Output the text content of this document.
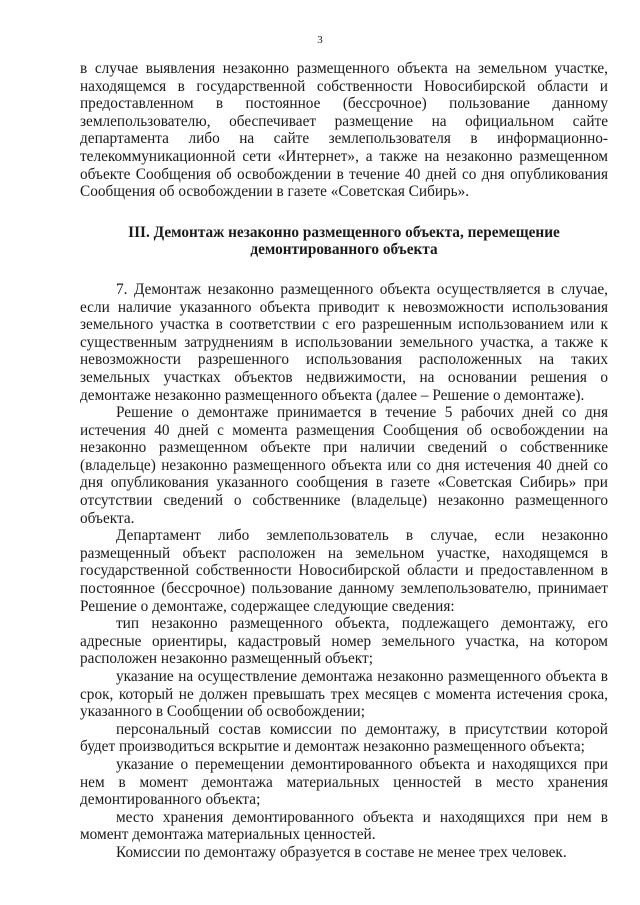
3

в случае выявления незаконно размещенного объекта на земельном участке, находящемся в государственной собственности Новосибирской области и предоставленном в постоянное (бессрочное) пользование данному землепользователю, обеспечивает размещение на официальном сайте департамента либо на сайте землепользователя в информационно-телекоммуникационной сети «Интернет», а также на незаконно размещенном объекте Сообщения об освобождении в течение 40 дней со дня опубликования Сообщения об освобождении в газете «Советская Сибирь».

III. Демонтаж незаконно размещенного объекта, перемещение
демонтированного объекта

7. Демонтаж незаконно размещенного объекта осуществляется в случае, если наличие указанного объекта приводит к невозможности использования земельного участка в соответствии с его разрешенным использованием или к существенным затруднениям в использовании земельного участка, а также к невозможности разрешенного использования расположенных на таких земельных участках объектов недвижимости, на основании решения о демонтаже незаконно размещенного объекта (далее – Решение о демонтаже).

Решение о демонтаже принимается в течение 5 рабочих дней со дня истечения 40 дней с момента размещения Сообщения об освобождении на незаконно размещенном объекте при наличии сведений о собственнике (владельце) незаконно размещенного объекта или со дня истечения 40 дней со дня опубликования указанного сообщения в газете «Советская Сибирь» при отсутствии сведений о собственнике (владельце) незаконно размещенного объекта.

Департамент либо землепользователь в случае, если незаконно размещенный объект расположен на земельном участке, находящемся в государственной собственности Новосибирской области и предоставленном в постоянное (бессрочное) пользование данному землепользователю, принимает Решение о демонтаже, содержащее следующие сведения:

тип незаконно размещенного объекта, подлежащего демонтажу, его адресные ориентиры, кадастровый номер земельного участка, на котором расположен незаконно размещенный объект;

указание на осуществление демонтажа незаконно размещенного объекта в срок, который не должен превышать трех месяцев с момента истечения срока, указанного в Сообщении об освобождении;

персональный состав комиссии по демонтажу, в присутствии которой будет производиться вскрытие и демонтаж незаконно размещенного объекта;

указание о перемещении демонтированного объекта и находящихся при нем в момент демонтажа материальных ценностей в место хранения демонтированного объекта;

место хранения демонтированного объекта и находящихся при нем в момент демонтажа материальных ценностей.

Комиссии по демонтажу образуется в составе не менее трех человек.
